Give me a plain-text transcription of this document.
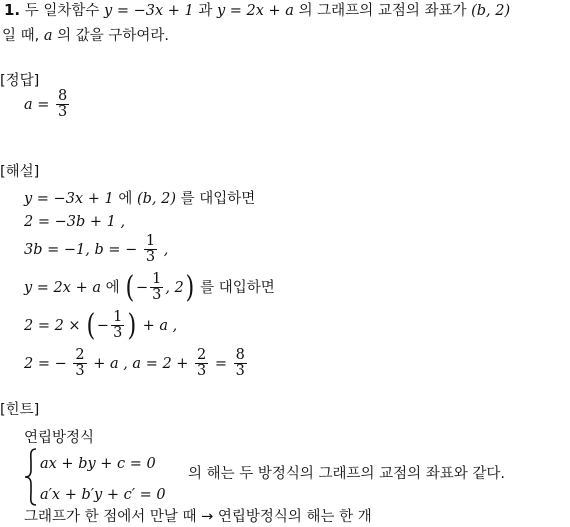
1. 두 일차함수 y = −3x + 1 과 y = 2x + a 의 그래프의 교점의 좌표가 (b, 2)
일 때, a 의 값을 구하여라.
[정답]
$a = \frac{8}{3}$
[해설]
y = −3x + 1 에 (b, 2) 를 대입하면
2 = −3b + 1 ,
3b = −1, b = − $\frac{1}{3}$ ,
y = 2x + a 에 (− $\frac{1}{3}$ , 2) 를 대입하면
2 = 2 × (− $\frac{1}{3}$ ) + a ,
2 = − $\frac{2}{3} + a$ , $a = 2 + \frac{2}{3} = \frac{8}{3}$
[힌트]
연립방정식
ax + by + c = 0
a′x + b′y + c′ = 0
의 해는 두 방정식의 그래프의 교점의 좌표와 같다.
그래프가 한 점에서 만날 때 → 연립방정식의 해는 한 개
